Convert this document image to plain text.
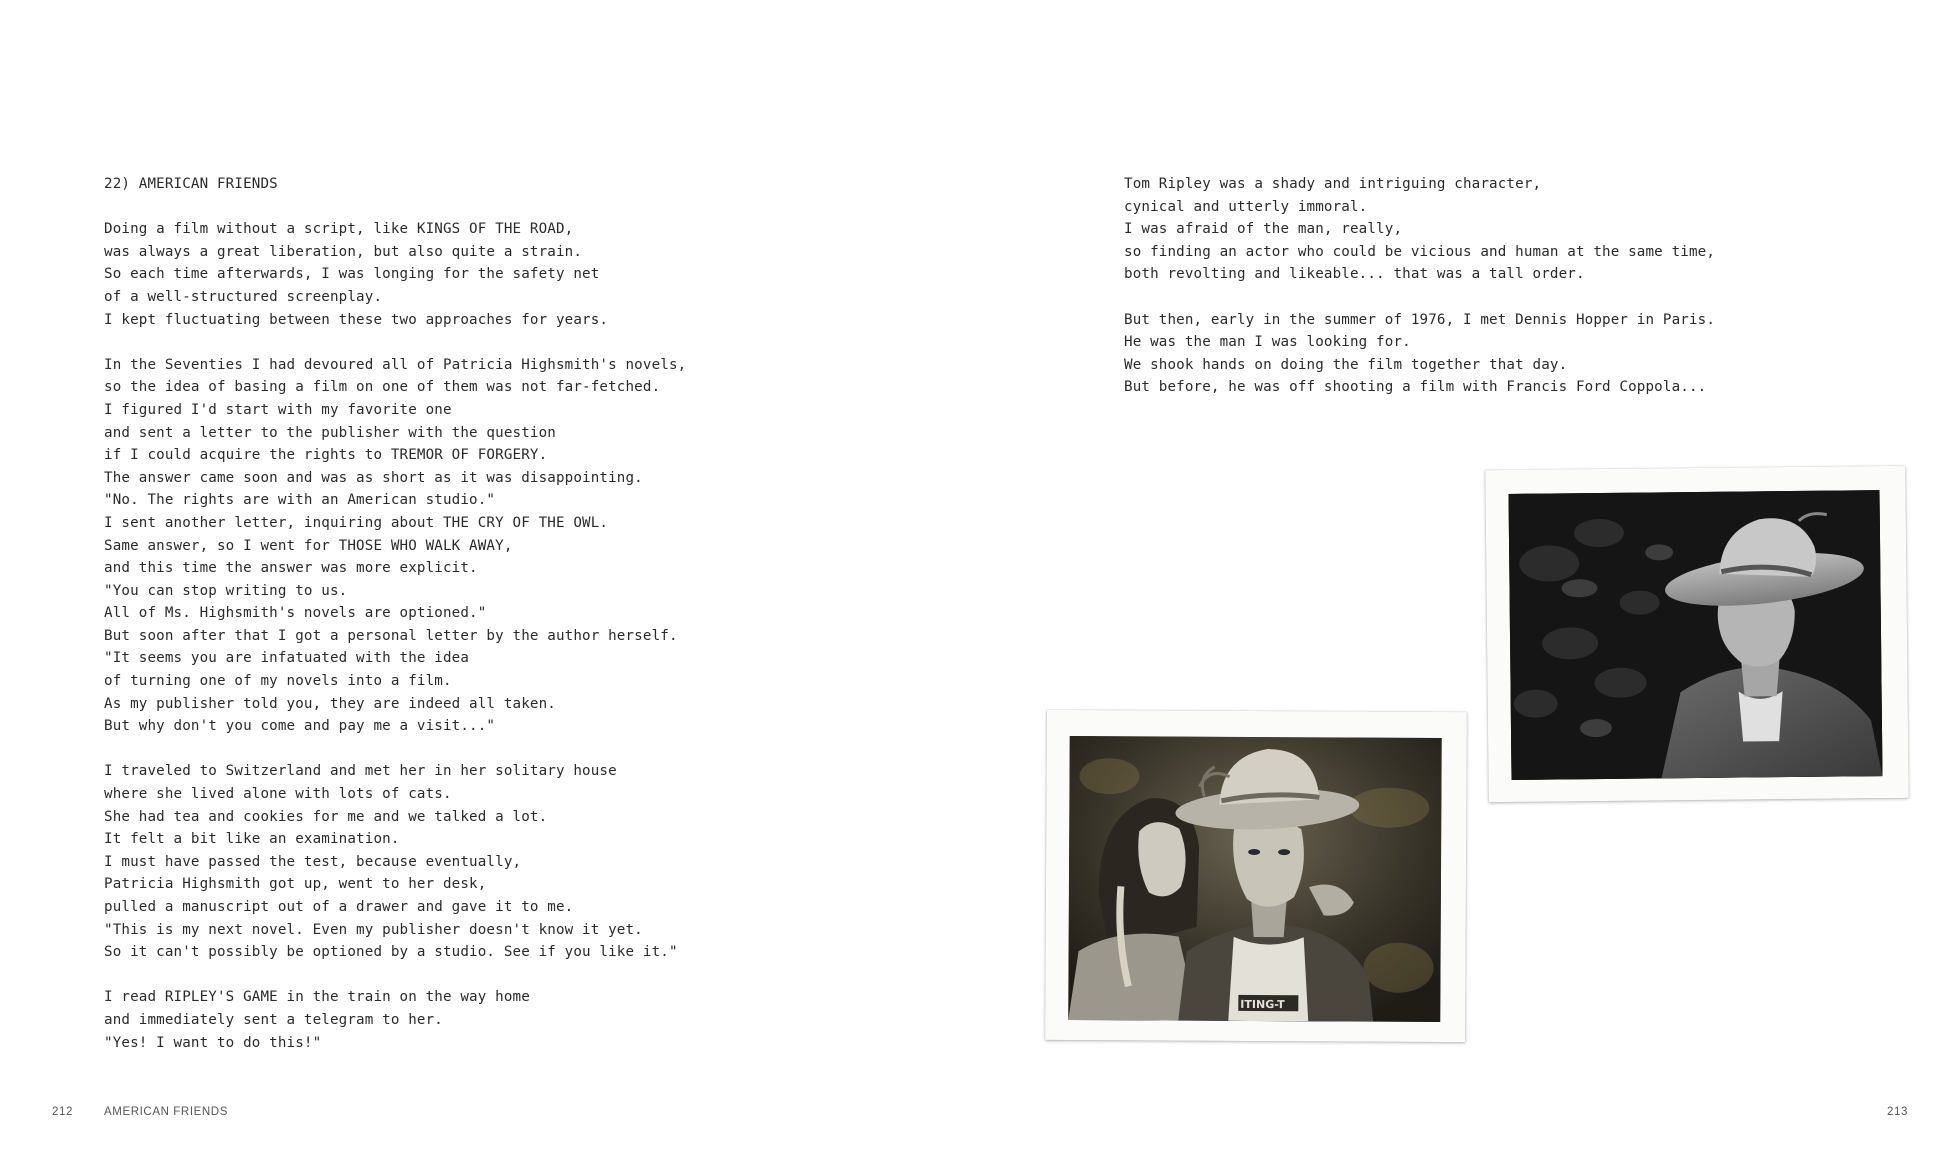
22) AMERICAN FRIENDS
Doing a film without a script, like KINGS OF THE ROAD,
was always a great liberation, but also quite a strain.
So each time afterwards, I was longing for the safety net
of a well-structured screenplay.
I kept fluctuating between these two approaches for years.
In the Seventies I had devoured all of Patricia Highsmith's novels,
so the idea of basing a film on one of them was not far-fetched.
I figured I'd start with my favorite one
and sent a letter to the publisher with the question
if I could acquire the rights to TREMOR OF FORGERY.
The answer came soon and was as short as it was disappointing.
"No. The rights are with an American studio."
I sent another letter, inquiring about THE CRY OF THE OWL.
Same answer, so I went for THOSE WHO WALK AWAY,
and this time the answer was more explicit.
"You can stop writing to us.
All of Ms. Highsmith's novels are optioned."
But soon after that I got a personal letter by the author herself.
"It seems you are infatuated with the idea
of turning one of my novels into a film.
As my publisher told you, they are indeed all taken.
But why don't you come and pay me a visit..."
I traveled to Switzerland and met her in her solitary house
where she lived alone with lots of cats.
She had tea and cookies for me and we talked a lot.
It felt a bit like an examination.
I must have passed the test, because eventually,
Patricia Highsmith got up, went to her desk,
pulled a manuscript out of a drawer and gave it to me.
"This is my next novel. Even my publisher doesn't know it yet.
So it can't possibly be optioned by a studio. See if you like it."
I read RIPLEY'S GAME in the train on the way home
and immediately sent a telegram to her.
"Yes! I want to do this!"
Tom Ripley was a shady and intriguing character,
cynical and utterly immoral.
I was afraid of the man, really,
so finding an actor who could be vicious and human at the same time,
both revolting and likeable... that was a tall order.
But then, early in the summer of 1976, I met Dennis Hopper in Paris.
He was the man I was looking for.
We shook hands on doing the film together that day.
But before, he was off shooting a film with Francis Ford Coppola...
ITING-T
212	AMERICAN FRIENDS	213
